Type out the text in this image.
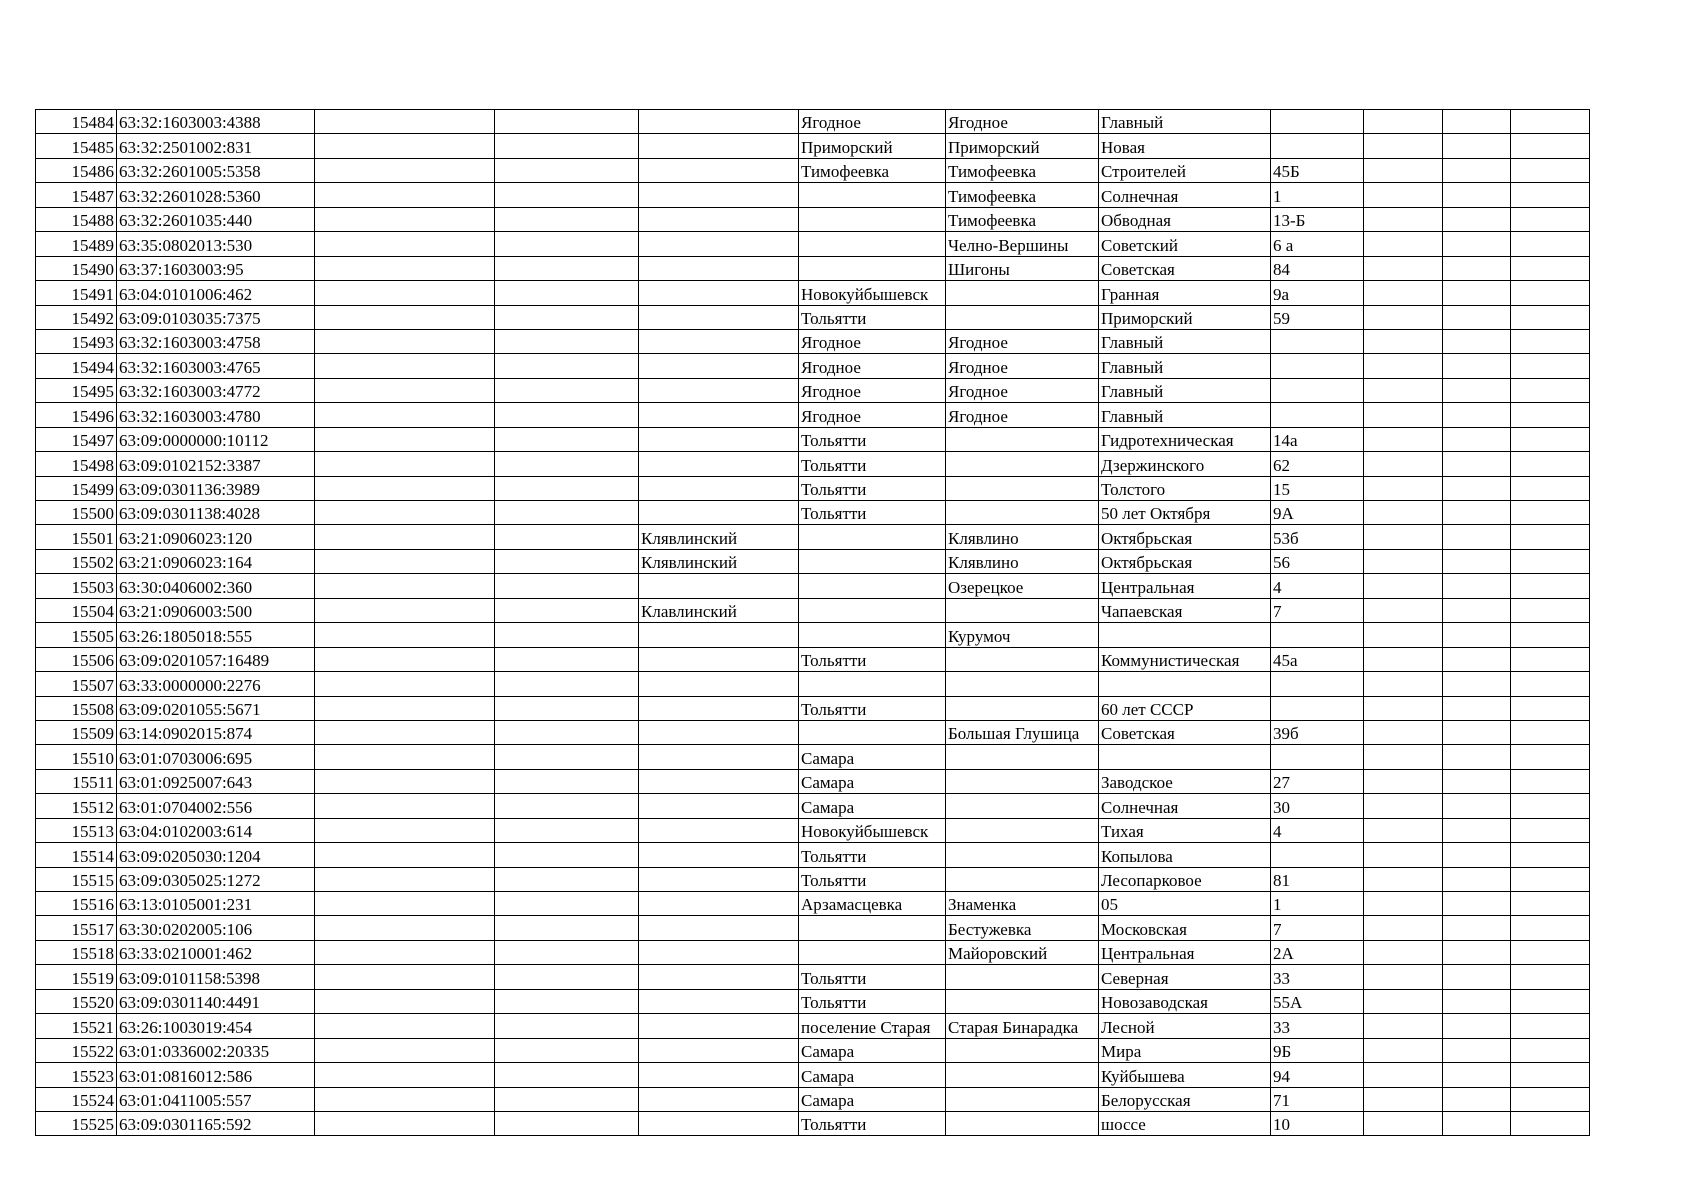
15484	63:32:1603003:4388				Ягодное	Ягодное	Главный				
15485	63:32:2501002:831				Приморский	Приморский	Новая				
15486	63:32:2601005:5358				Тимофеевка	Тимофеевка	Строителей	45Б			
15487	63:32:2601028:5360					Тимофеевка	Солнечная	1			
15488	63:32:2601035:440					Тимофеевка	Обводная	13-Б			
15489	63:35:0802013:530					Челно-Вершины	Советский	6 а			
15490	63:37:1603003:95					Шигоны	Советская	84			
15491	63:04:0101006:462				Новокуйбышевск		Гранная	9а			
15492	63:09:0103035:7375				Тольятти		Приморский	59			
15493	63:32:1603003:4758				Ягодное	Ягодное	Главный				
15494	63:32:1603003:4765				Ягодное	Ягодное	Главный				
15495	63:32:1603003:4772				Ягодное	Ягодное	Главный				
15496	63:32:1603003:4780				Ягодное	Ягодное	Главный				
15497	63:09:0000000:10112				Тольятти		Гидротехническая	14а			
15498	63:09:0102152:3387				Тольятти		Дзержинского	62			
15499	63:09:0301136:3989				Тольятти		Толстого	15			
15500	63:09:0301138:4028				Тольятти		50 лет Октября	9А			
15501	63:21:0906023:120			Клявлинский		Клявлино	Октябрьская	53б			
15502	63:21:0906023:164			Клявлинский		Клявлино	Октябрьская	56			
15503	63:30:0406002:360					Озерецкое	Центральная	4			
15504	63:21:0906003:500			Клавлинский			Чапаевская	7			
15505	63:26:1805018:555					Курумоч					
15506	63:09:0201057:16489				Тольятти		Коммунистическая	45а			
15507	63:33:0000000:2276										
15508	63:09:0201055:5671				Тольятти		60 лет СССР				
15509	63:14:0902015:874					Большая Глушица	Советская	39б			
15510	63:01:0703006:695				Самара						
15511	63:01:0925007:643				Самара		Заводское	27			
15512	63:01:0704002:556				Самара		Солнечная	30			
15513	63:04:0102003:614				Новокуйбышевск		Тихая	4			
15514	63:09:0205030:1204				Тольятти		Копылова				
15515	63:09:0305025:1272				Тольятти		Лесопарковое	81			
15516	63:13:0105001:231				Арзамасцевка	Знаменка	05	1			
15517	63:30:0202005:106					Бестужевка	Московская	7			
15518	63:33:0210001:462					Майоровский	Центральная	2А			
15519	63:09:0101158:5398				Тольятти		Северная	33			
15520	63:09:0301140:4491				Тольятти		Новозаводская	55А			
15521	63:26:1003019:454				поселение Старая	Старая Бинарадка	Лесной	33			
15522	63:01:0336002:20335				Самара		Мира	9Б			
15523	63:01:0816012:586				Самара		Куйбышева	94			
15524	63:01:0411005:557				Самара		Белорусская	71			
15525	63:09:0301165:592				Тольятти		шоссе	10			
